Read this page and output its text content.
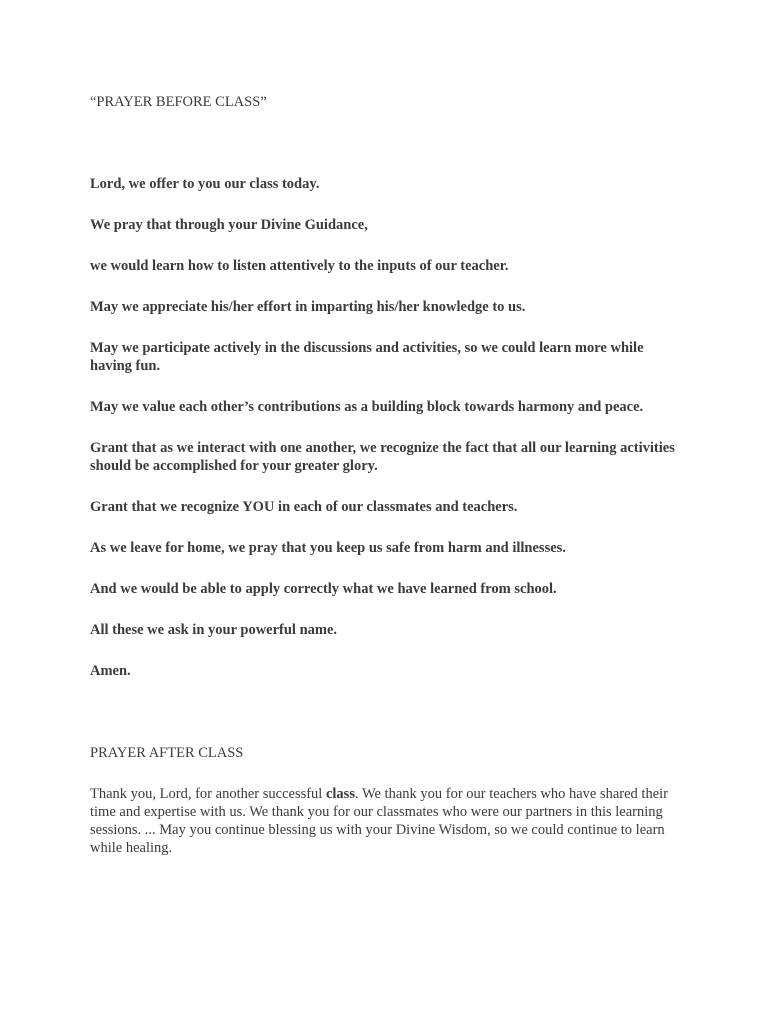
“PRAYER BEFORE CLASS”

Lord, we offer to you our class today.

We pray that through your Divine Guidance,

we would learn how to listen attentively to the inputs of our teacher.

May we appreciate his/her effort in imparting his/her knowledge to us.

May we participate actively in the discussions and activities, so we could learn more while having fun.

May we value each other’s contributions as a building block towards harmony and peace.

Grant that as we interact with one another, we recognize the fact that all our learning activities should be accomplished for your greater glory.

Grant that we recognize YOU in each of our classmates and teachers.

As we leave for home, we pray that you keep us safe from harm and illnesses.

And we would be able to apply correctly what we have learned from school.

All these we ask in your powerful name.

Amen.

PRAYER AFTER CLASS

Thank you, Lord, for another successful class. We thank you for our teachers who have shared their time and expertise with us. We thank you for our classmates who were our partners in this learning sessions. ... May you continue blessing us with your Divine Wisdom, so we could continue to learn while healing.
